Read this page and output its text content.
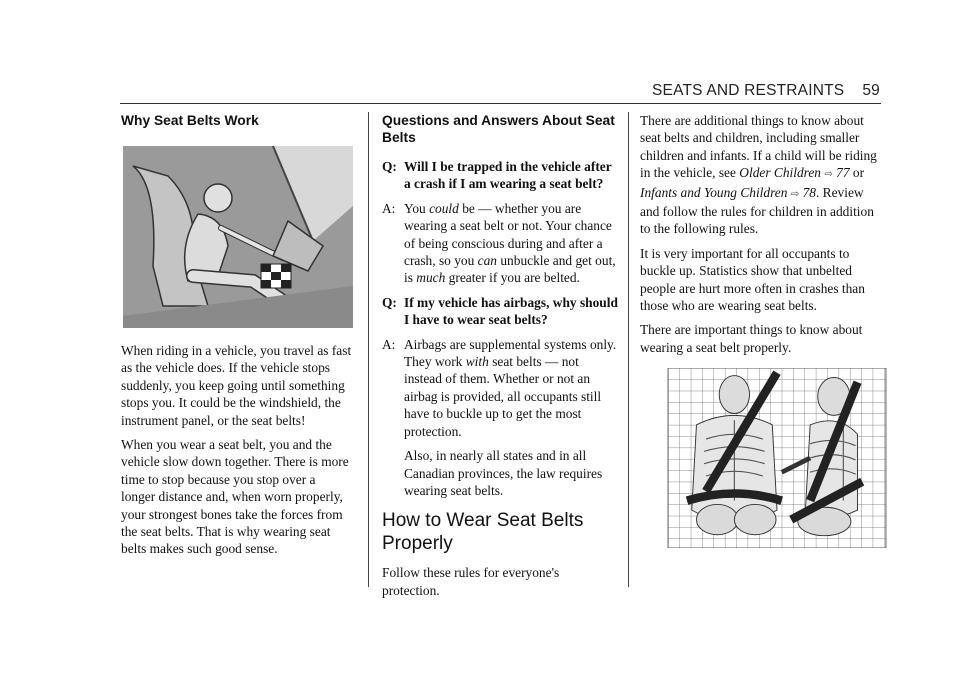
SEATS AND RESTRAINTS 59
Why Seat Belts Work

When riding in a vehicle, you travel as fast as the vehicle does. If the vehicle stops suddenly, you keep going until something stops you. It could be the windshield, the instrument panel, or the seat belts!

When you wear a seat belt, you and the vehicle slow down together. There is more time to stop because you stop over a longer distance and, when worn properly, your strongest bones take the forces from the seat belts. That is why wearing seat belts makes such good sense.

Questions and Answers About Seat Belts
Q: Will I be trapped in the vehicle after a crash if I am wearing a seat belt?
A: You could be — whether you are wearing a seat belt or not. Your chance of being conscious during and after a crash, so you can unbuckle and get out, is much greater if you are belted.
Q: If my vehicle has airbags, why should I have to wear seat belts?
A: Airbags are supplemental systems only. They work with seat belts — not instead of them. Whether or not an airbag is provided, all occupants still have to buckle up to get the most protection.

Also, in nearly all states and in all Canadian provinces, the law requires wearing seat belts.

How to Wear Seat Belts Properly

Follow these rules for everyone's protection.

There are additional things to know about seat belts and children, including smaller children and infants. If a child will be riding in the vehicle, see Older Children ⇨ 77 or Infants and Young Children ⇨ 78. Review and follow the rules for children in addition to the following rules.

It is very important for all occupants to buckle up. Statistics show that unbelted people are hurt more often in crashes than those who are wearing seat belts.

There are important things to know about wearing a seat belt properly.
